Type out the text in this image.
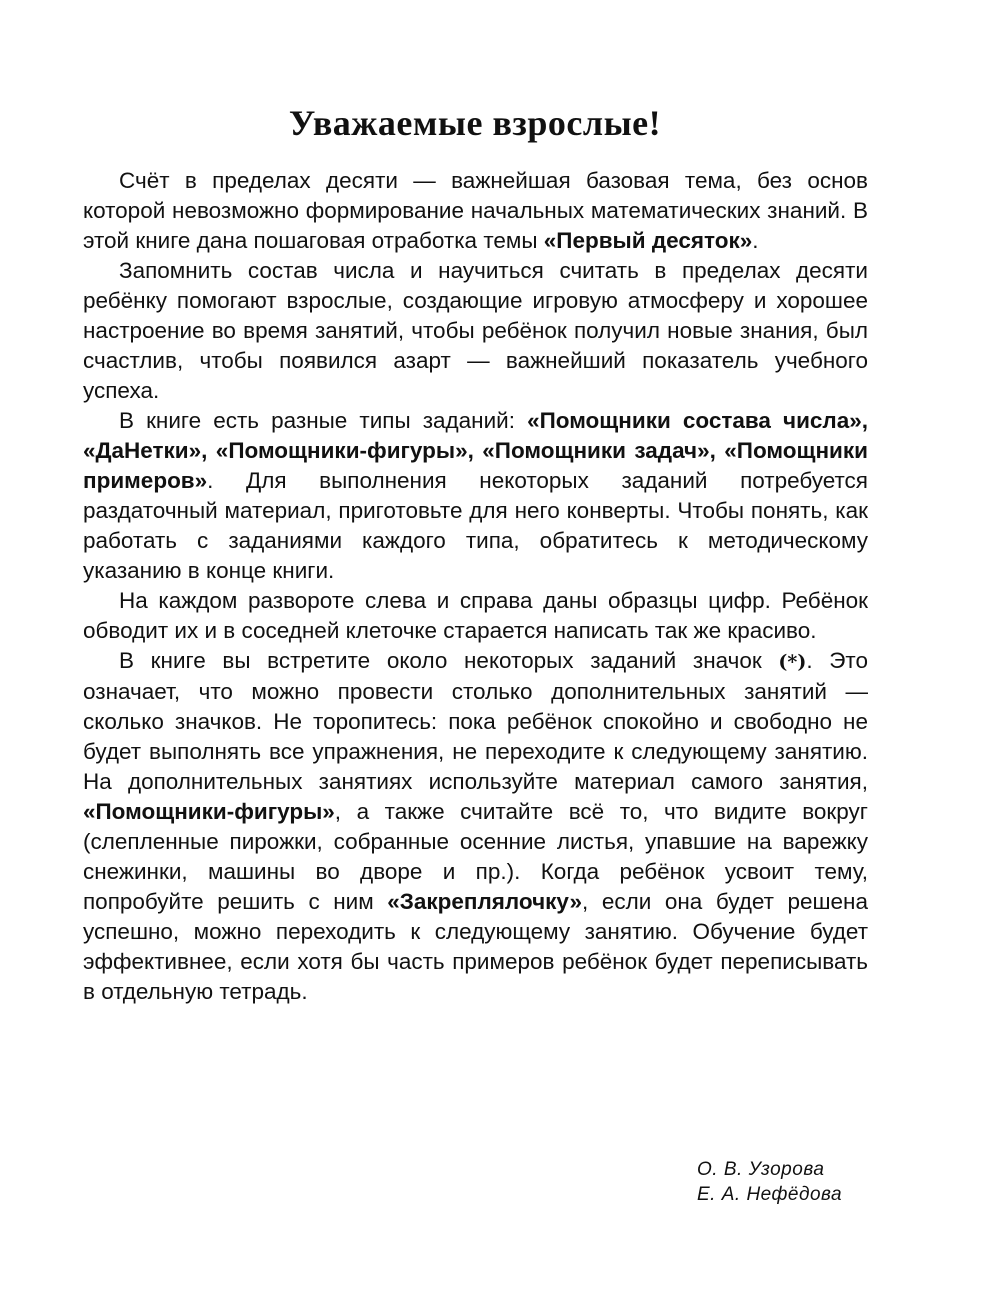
Уважаемые взрослые!

Счёт в пределах десяти — важнейшая базовая тема, без основ которой невозможно формирование начальных математических знаний. В этой книге дана пошаговая отработка темы «Первый десяток».

Запомнить состав числа и научиться считать в пределах десяти ребёнку помогают взрослые, создающие игровую атмосферу и хорошее настроение во время занятий, чтобы ребёнок получил новые знания, был счастлив, чтобы появился азарт — важнейший показатель учебного успеха.

В книге есть разные типы заданий: «Помощники состава числа», «ДаНетки», «Помощники-фигуры», «Помощники задач», «Помощники примеров». Для выполнения некоторых заданий потребуется раздаточный материал, приготовьте для него конверты. Чтобы понять, как работать с заданиями каждого типа, обратитесь к методическому указанию в конце книги.

На каждом развороте слева и справа даны образцы цифр. Ребёнок обводит их и в соседней клеточке старается написать так же красиво.

В книге вы встретите около некоторых заданий значок (*). Это означает, что можно провести столько дополнительных занятий — сколько значков. Не торопитесь: пока ребёнок спокойно и свободно не будет выполнять все упражнения, не переходите к следующему занятию. На дополнительных занятиях используйте материал самого занятия, «Помощники-фигуры», а также считайте всё то, что видите вокруг (слепленные пирожки, собранные осенние листья, упавшие на варежку снежинки, машины во дворе и пр.). Когда ребёнок усвоит тему, попробуйте решить с ним «Закреплялочку», если она будет решена успешно, можно переходить к следующему занятию. Обучение будет эффективнее, если хотя бы часть примеров ребёнок будет переписывать в отдельную тетрадь.

О. В. Узорова
Е. А. Нефёдова
